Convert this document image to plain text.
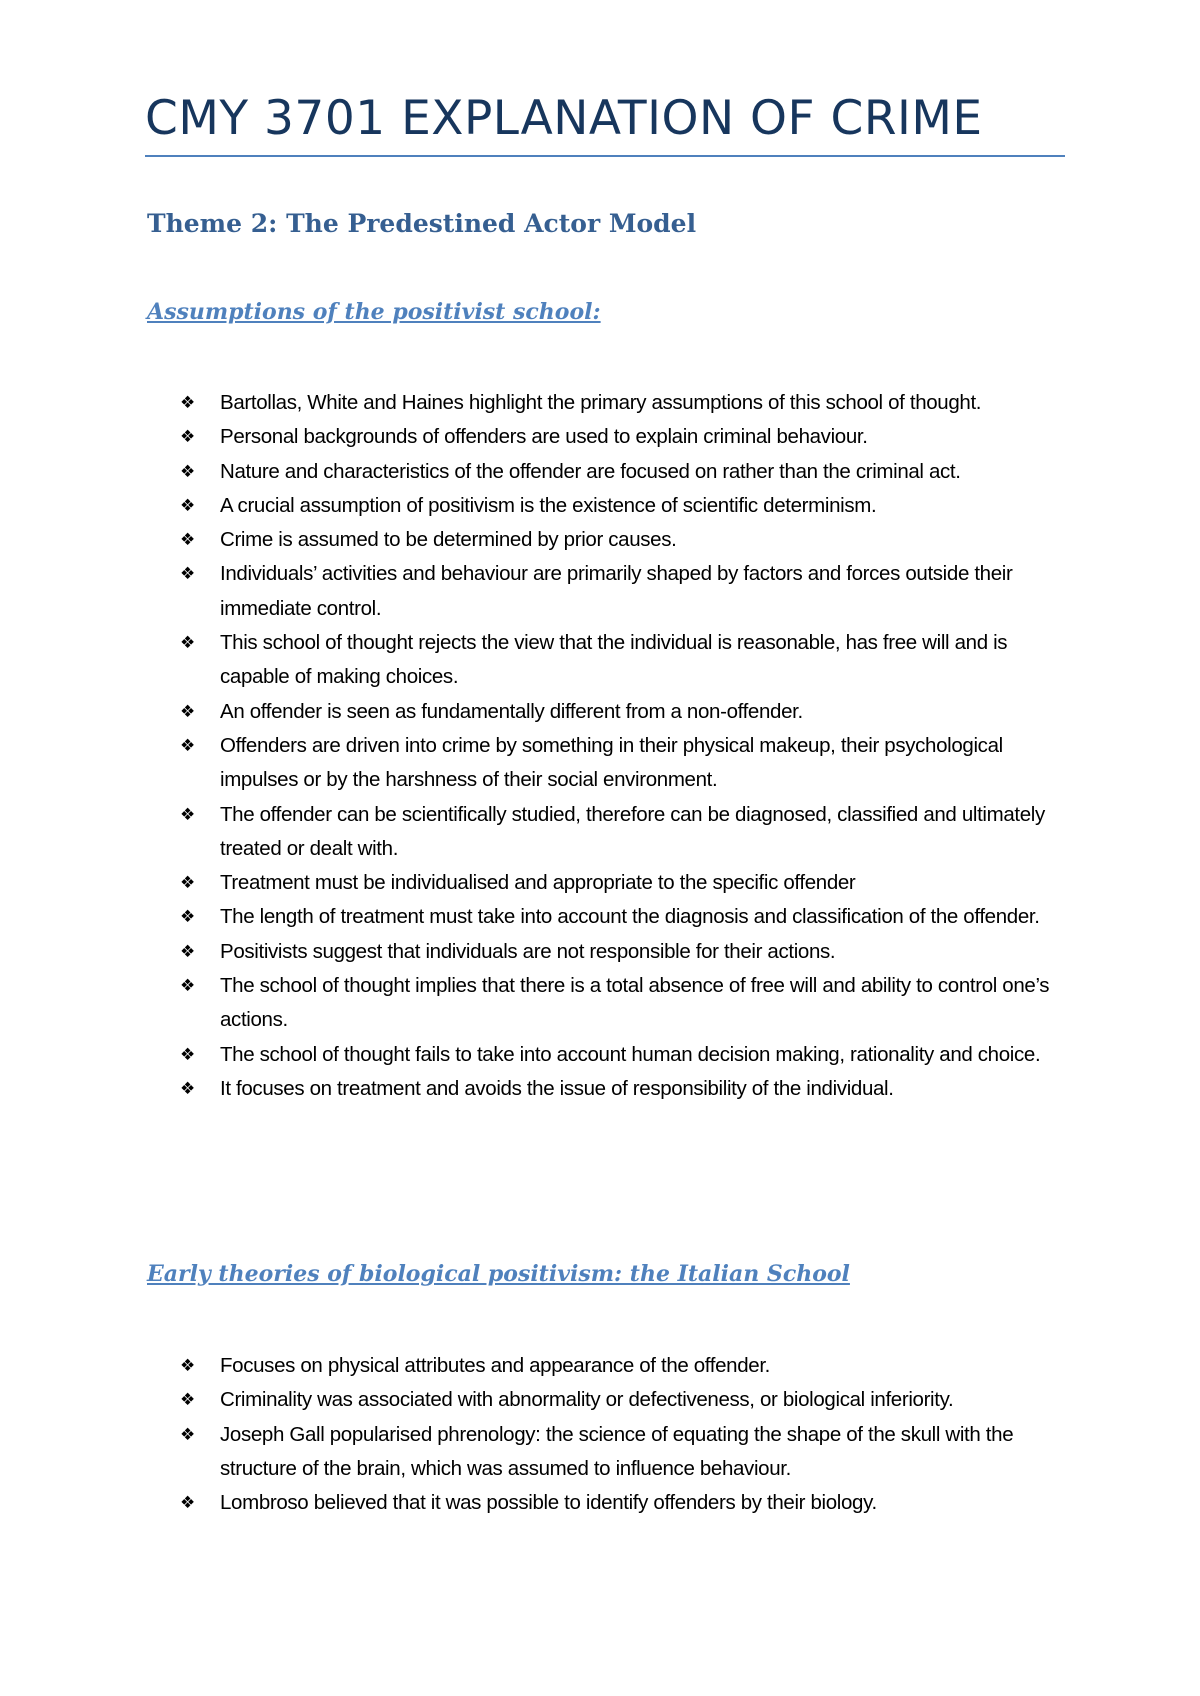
CMY 3701 EXPLANATION OF CRIME
Theme 2: The Predestined Actor Model
Assumptions of the positivist school:
❖	Bartollas, White and Haines highlight the primary assumptions of this school of thought.
❖	Personal backgrounds of offenders are used to explain criminal behaviour.
❖	Nature and characteristics of the offender are focused on rather than the criminal act.
❖	A crucial assumption of positivism is the existence of scientific determinism.
❖	Crime is assumed to be determined by prior causes.
❖	Individuals’ activities and behaviour are primarily shaped by factors and forces outside their immediate control.
❖	This school of thought rejects the view that the individual is reasonable, has free will and is capable of making choices.
❖	An offender is seen as fundamentally different from a non-offender.
❖	Offenders are driven into crime by something in their physical makeup, their psychological impulses or by the harshness of their social environment.
❖	The offender can be scientifically studied, therefore can be diagnosed, classified and ultimately treated or dealt with.
❖	Treatment must be individualised and appropriate to the specific offender
❖	The length of treatment must take into account the diagnosis and classification of the offender.
❖	Positivists suggest that individuals are not responsible for their actions.
❖	The school of thought implies that there is a total absence of free will and ability to control one’s actions.
❖	The school of thought fails to take into account human decision making, rationality and choice.
❖	It focuses on treatment and avoids the issue of responsibility of the individual.
Early theories of biological positivism: the Italian School
❖	Focuses on physical attributes and appearance of the offender.
❖	Criminality was associated with abnormality or defectiveness, or biological inferiority.
❖	Joseph Gall popularised phrenology: the science of equating the shape of the skull with the structure of the brain, which was assumed to influence behaviour.
❖	Lombroso believed that it was possible to identify offenders by their biology.
